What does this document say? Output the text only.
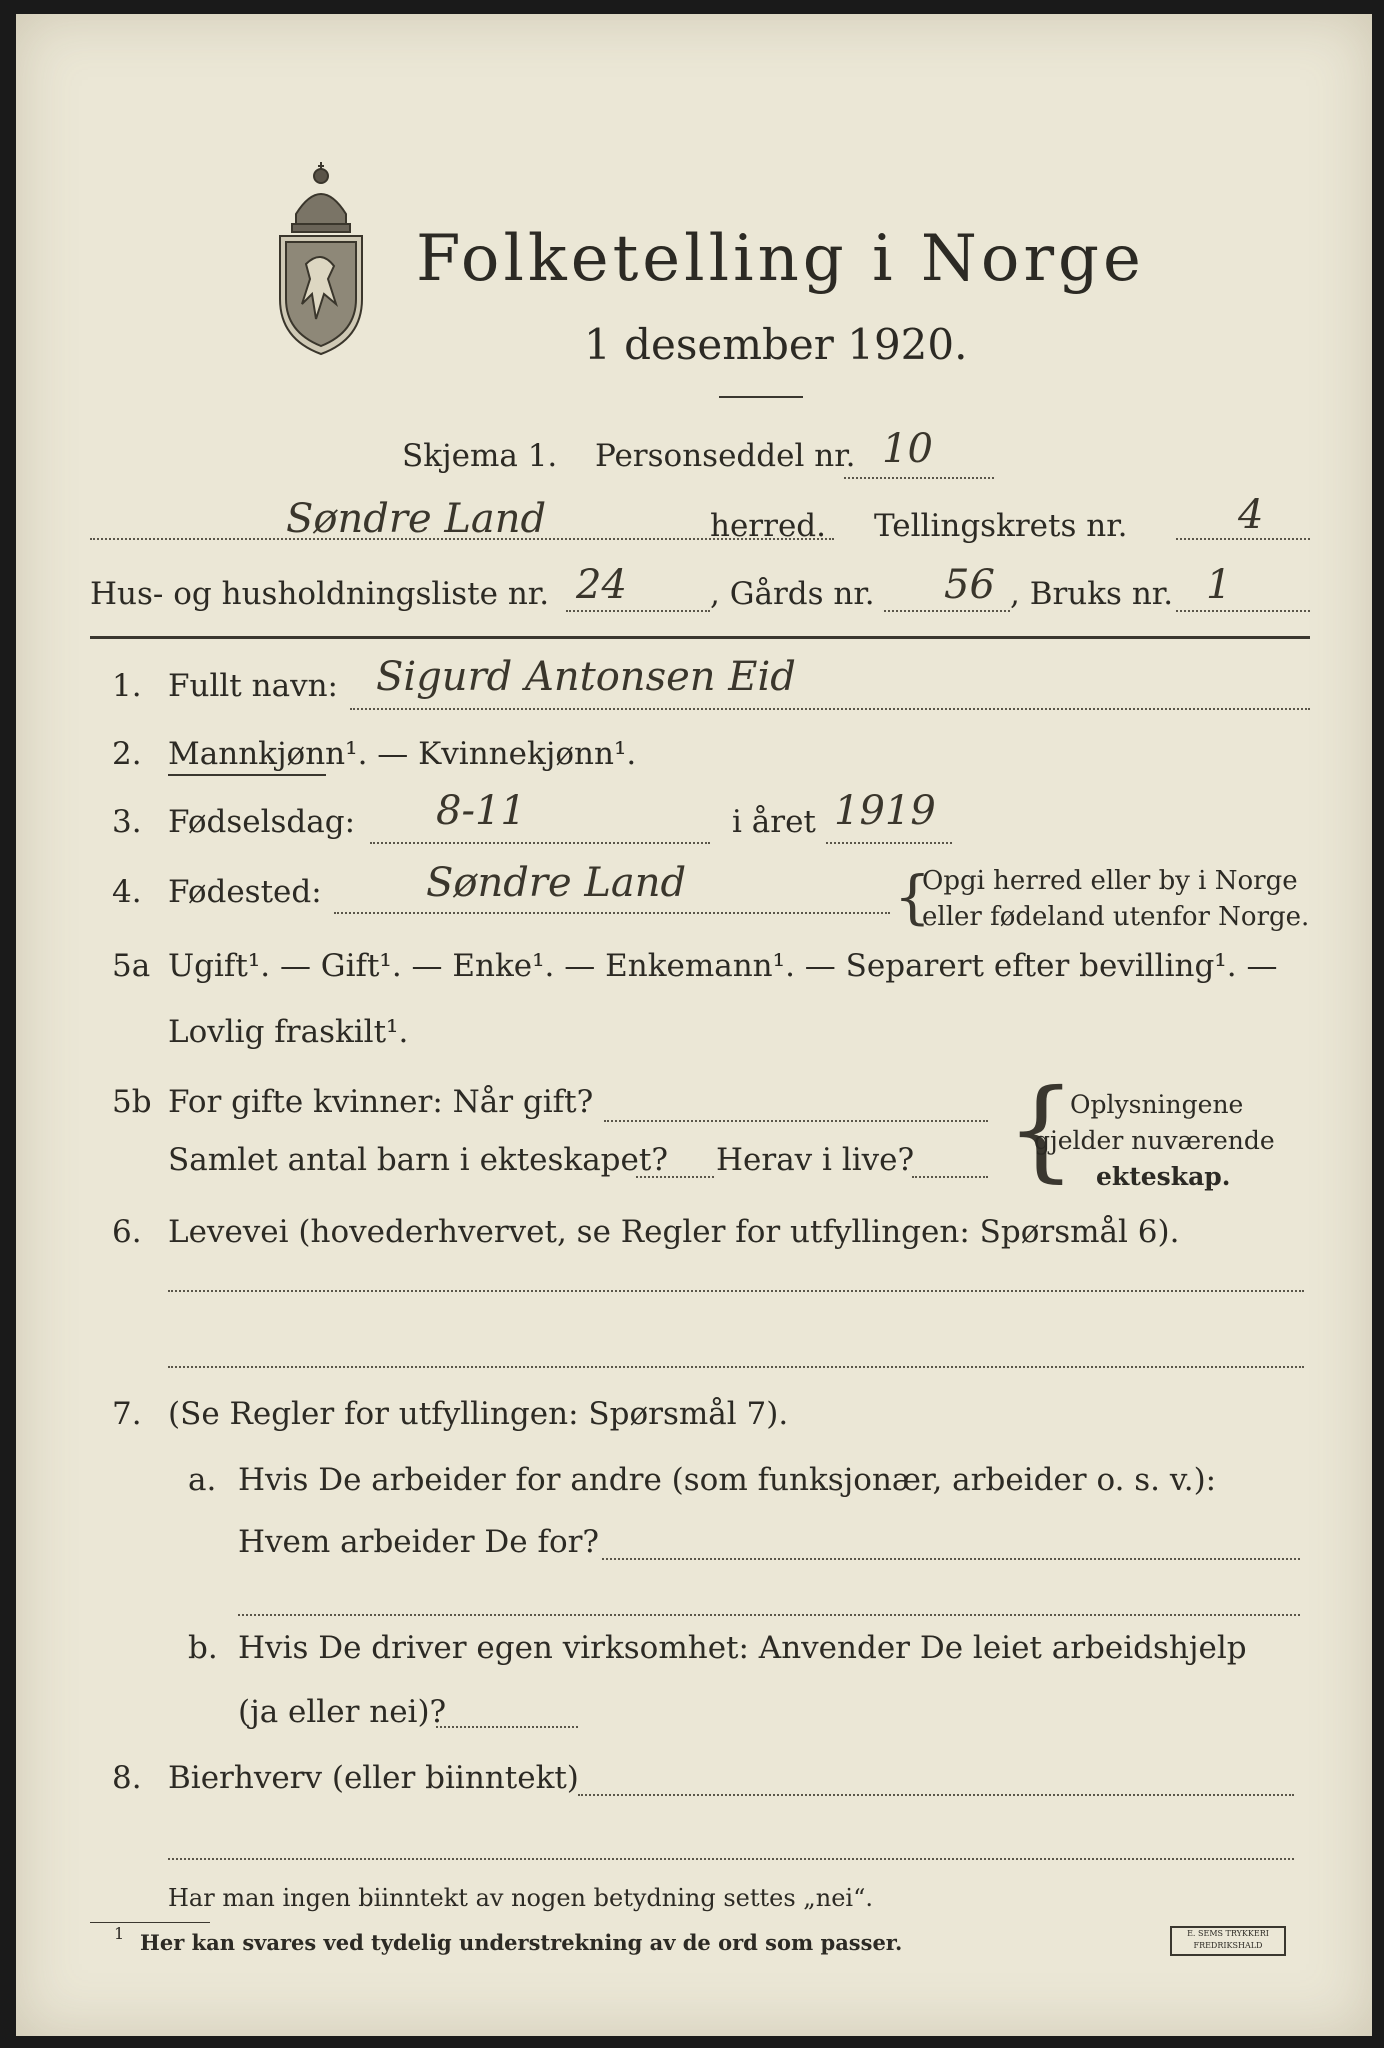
Folketelling i Norge
1 desember 1920.
Skjema 1. Personseddel nr. 10
Søndre Land	herred. Tellingskrets nr.	4
Hus- og husholdningsliste nr. 24	, Gårds nr. 56 , Bruks nr. 1
1. Fullt navn: Sigurd Antonsen Eid
2. Mannkjønn¹. — Kvinnekjønn¹.
3. Fødselsdag: 8-11	i året 1919
4. Fødested:	Søndre Land	{
Opgi herred eller by i Norge
eller fødeland utenfor Norge.
5a Ugift¹. — Gift¹. — Enke¹. — Enkemann¹. — Separert efter bevilling¹. —
Lovlig fraskilt¹.
5b For gifte kvinner: Når gift?
Samlet antal barn i ekteskapet? Herav i live? {
Oplysningene
gjelder nuværende
ekteskap.
6. Levevei (hovederhvervet, se Regler for utfyllingen: Spørsmål 6).
7. (Se Regler for utfyllingen: Spørsmål 7).
a. Hvis De arbeider for andre (som funksjonær, arbeider o. s. v.):
Hvem arbeider De for?
b. Hvis De driver egen virksomhet: Anvender De leiet arbeidshjelp
(ja eller nei)?
8. Bierhverv (eller biinntekt)
Har man ingen biinntekt av nogen betydning settes „nei“.
1 Her kan svares ved tydelig understrekning av de ord som passer.	E. SEMS TRYKKERI FREDRIKSHALD
